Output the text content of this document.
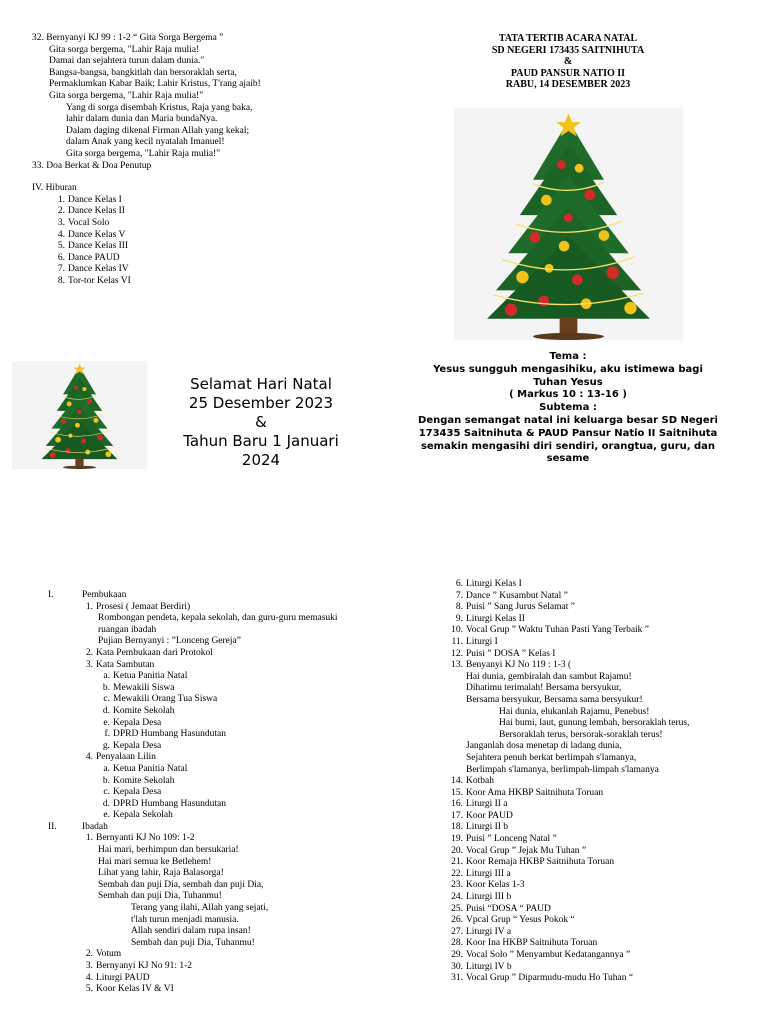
32. Bernyanyi KJ 99 : 1-2 “ Gita Sorga Bergema ”
Gita sorga bergema, "Lahir Raja mulia!
Damai dan sejahtera turun dalam dunia."
Bangsa-bangsa, bangkitlah dan bersoraklah serta,
Permaklumkan Kabar Baik; Lahir Kristus, T'rang ajaib!
Gita sorga bergema, "Lahir Raja mulia!"
Yang di sorga disembah Kristus, Raja yang baka,
lahir dalam dunia dan Maria bundaNya.
Dalam daging dikenal Firman Allah yang kekal;
dalam Anak yang kecil nyatalah Imanuel!
Gita sorga bergema, "Lahir Raja mulia!"
33. Doa Berkat & Doa Penutup
IV. Hiburan
1. Dance Kelas I
2. Dance Kelas II
3. Vocal Solo
4. Dance Kelas V
5. Dance Kelas III
6. Dance PAUD
7. Dance Kelas IV
8. Tor-tor Kelas VI
TATA TERTIB ACARA NATAL
SD NEGERI 173435 SAITNIHUTA
&
PAUD PANSUR NATIO II
RABU, 14 DESEMBER 2023
Selamat Hari Natal
25 Desember 2023
&
Tahun Baru 1 Januari
2024
Tema :
Yesus sungguh mengasihiku, aku istimewa bagi
Tuhan Yesus
( Markus 10 : 13-16 )
Subtema :
Dengan semangat natal ini keluarga besar SD Negeri
173435 Saitnihuta & PAUD Pansur Natio II Saitnihuta
semakin mengasihi diri sendiri, orangtua, guru, dan
sesame
I.	Pembukaan
1. Prosesi ( Jemaat Berdiri)
Rombongan pendeta, kepala sekolah, dan guru-guru memasuki
ruangan ibadah
Pujian Bernyanyi : ”Lonceng Gereja”
2. Kata Pembukaan dari Protokol
3. Kata Sambutan
a. Ketua Panitia Natal
b. Mewakili Siswa
c. Mewakili Orang Tua Siswa
d. Komite Sekolah
e. Kepala Desa
f. DPRD Humbang Hasundutan
g. Kepala Desa
4. Penyalaan Lilin
a. Ketua Panitia Natal
b. Komite Sekolah
c. Kepala Desa
d. DPRD Humbang Hasundutan
e. Kepala Sekolah
II.	Ibadah
1. Bernyanti KJ No 109: 1-2
Hai mari, berhimpun dan bersukaria!
Hai mari semua ke Betlehem!
Lihat yang lahir, Raja Balasorga!
Sembah dan puji Dia, sembah dan puji Dia,
Sembah dan puji Dia, Tuhanmu!
Terang yang ilahi, Allah yang sejati,
t'lah turun menjadi manusia.
Allah sendiri dalam rupa insan!
Sembah dan puji Dia, Tuhanmu!
2. Votum
3. Bernyanyi KJ No 91: 1-2
4. Liturgi PAUD
5. Koor Kelas IV & VI
6. Liturgi Kelas I
7. Dance ” Kusambut Natal ”
8. Puisi ” Sang Jurus Selamat ”
9. Liturgi Kelas II
10. Vocal Grup ” Waktu Tuhan Pasti Yang Terbaik ”
11. Liturgi I
12. Puisi ” DOSA ” Kelas I
13. Benyanyi KJ No 119 : 1-3 (
Hai dunia, gembiralah dan sambut Rajamu!
Dihatimu terimalah! Bersama bersyukur,
Bersama bersyukur, Bersama sama bersyukur!
Hai dunia, elukanlah Rajamu, Penebus!
Hai bumi, laut, gunung lembah, bersoraklah terus,
Bersoraklah terus, bersorak-soraklah terus!
Janganlah dosa menetap di ladang dunia,
Sejahtera penuh berkat berlimpah s'lamanya,
Berlimpah s'lamanya, berlimpah-limpah s'lamanya
14. Kotbah
15. Koor Ama HKBP Saitnihuta Toruan
16. Liturgi II a
17. Koor PAUD
18. Liturgi II b
19. Puisi ” Lonceng Natal ”
20. Vocal Grup ” Jejak Mu Tuhan ”
21. Koor Remaja HKBP Saitnihuta Toruan
22. Liturgi III a
23. Koor Kelas 1-3
24. Liturgi III b
25. Puisi “DOSA “ PAUD
26. Vpcal Grup “ Yesus Pokok “
27. Liturgi IV a
28. Koor Ina HKBP Saitnihuta Toruan
29. Vocal Solo ” Menyambut Kedatangannya ”
30. Liturgi IV b
31. Vocal Grup ” Diparmudu-mudu Ho Tuhan “
